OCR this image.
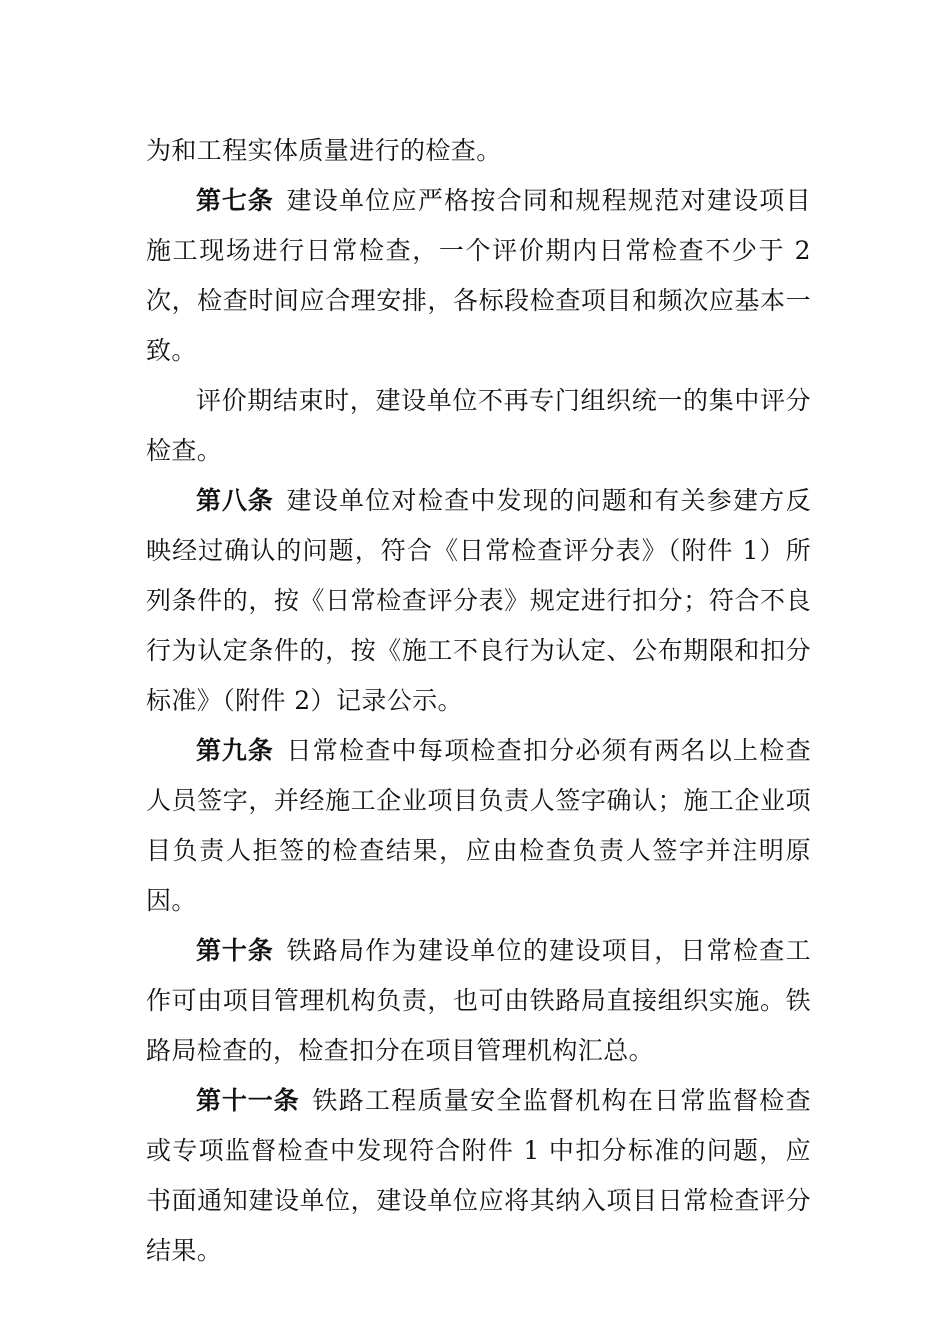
为和工程实体质量进行的检查。

第七条 建设单位应严格按合同和规程规范对建设项目施工现场进行日常检查，一个评价期内日常检查不少于 2 次，检查时间应合理安排，各标段检查项目和频次应基本一致。

评价期结束时，建设单位不再专门组织统一的集中评分检查。

第八条 建设单位对检查中发现的问题和有关参建方反映经过确认的问题，符合《日常检查评分表》（附件 1）所列条件的，按《日常检查评分表》规定进行扣分；符合不良行为认定条件的，按《施工不良行为认定、公布期限和扣分标准》（附件 2）记录公示。

第九条 日常检查中每项检查扣分必须有两名以上检查人员签字，并经施工企业项目负责人签字确认；施工企业项目负责人拒签的检查结果，应由检查负责人签字并注明原因。

第十条 铁路局作为建设单位的建设项目，日常检查工作可由项目管理机构负责，也可由铁路局直接组织实施。铁路局检查的，检查扣分在项目管理机构汇总。

第十一条 铁路工程质量安全监督机构在日常监督检查或专项监督检查中发现符合附件 1 中扣分标准的问题，应书面通知建设单位，建设单位应将其纳入项目日常检查评分结果。
